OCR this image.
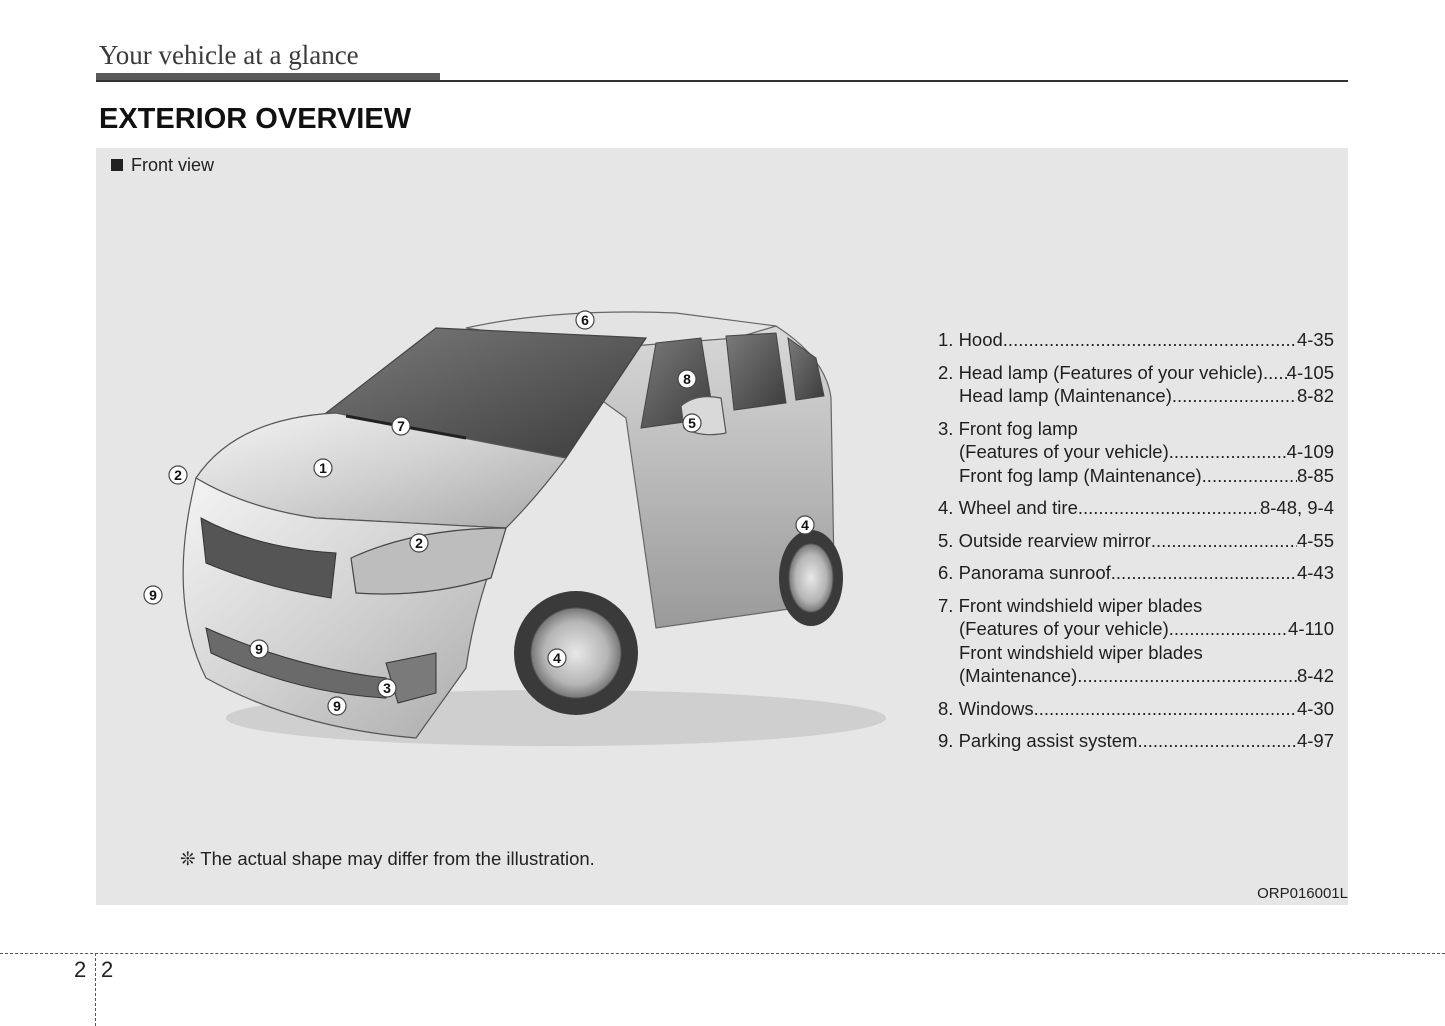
Your vehicle at a glance
EXTERIOR OVERVIEW
Front view
1
2
2
3
4
4
5
6
7
8
9
9
9
1. Hood .....	4-35
2. Head lamp (Features of your vehicle) ..... 4-105
Head lamp (Maintenance) .....	8-82
3. Front fog lamp
(Features of your vehicle) .....	4-109
Front fog lamp (Maintenance) .....	8-85
4. Wheel and tire .....	8-48, 9-4
5. Outside rearview mirror .....	4-55
6. Panorama sunroof .....	4-43
7. Front windshield wiper blades
(Features of your vehicle) .....	4-110
Front windshield wiper blades
(Maintenance) .....	8-42
8. Windows .....	4-30
9. Parking assist system .....	4-97
❊ The actual shape may differ from the illustration.
ORP016001L
2 2
